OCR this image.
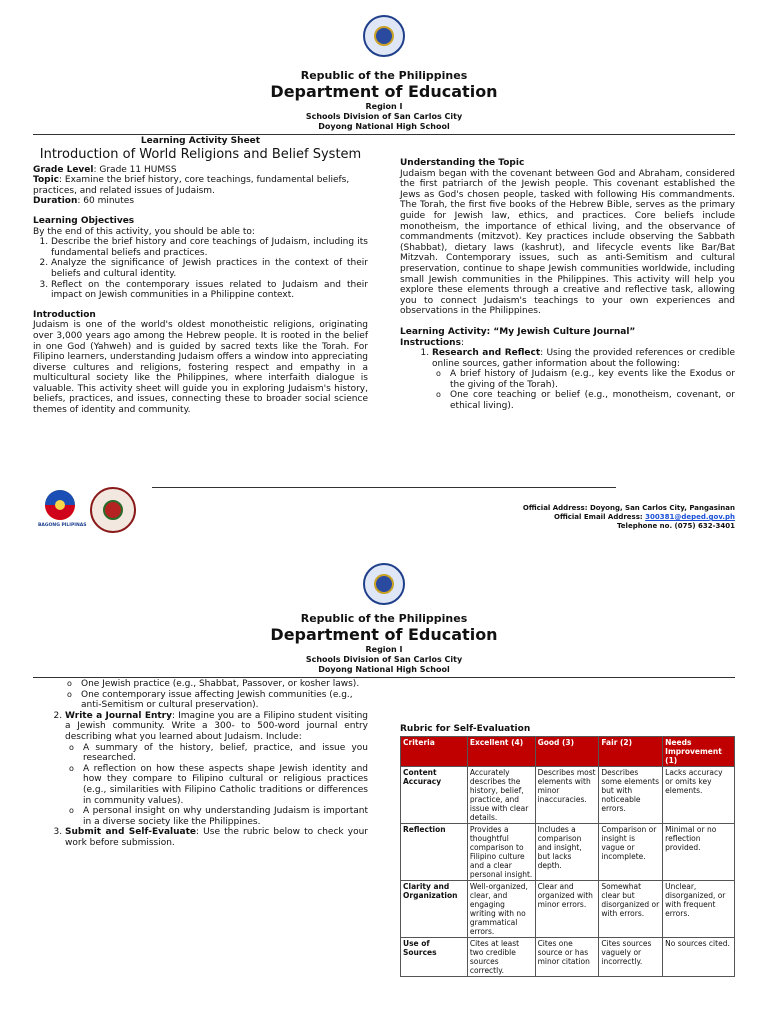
Republic of the Philippines
Department of Education
Region I
Schools Division of San Carlos City
Doyong National High School
Learning Activity Sheet
Introduction of World Religions and Belief System

Grade Level: Grade 11 HUMSS

Topic: Examine the brief history, core teachings, fundamental beliefs, practices, and related issues of Judaism.

Duration: 60 minutes

Learning Objectives

By the end of this activity, you should be able to:

1. Describe the brief history and core teachings of Judaism, including its fundamental beliefs and practices.
2. Analyze the significance of Jewish practices in the context of their beliefs and cultural identity.
3. Reflect on the contemporary issues related to Judaism and their impact on Jewish communities in a Philippine context.
Introduction

Judaism is one of the world's oldest monotheistic religions, originating over 3,000 years ago among the Hebrew people. It is rooted in the belief in one God (Yahweh) and is guided by sacred texts like the Torah. For Filipino learners, understanding Judaism offers a window into appreciating diverse cultures and religions, fostering respect and empathy in a multicultural society like the Philippines, where interfaith dialogue is valuable. This activity sheet will guide you in exploring Judaism's history, beliefs, practices, and issues, connecting these to broader social science themes of identity and community.

Understanding the Topic

Judaism began with the covenant between God and Abraham, considered the first patriarch of the Jewish people. This covenant established the Jews as God's chosen people, tasked with following His commandments. The Torah, the first five books of the Hebrew Bible, serves as the primary guide for Jewish law, ethics, and practices. Core beliefs include monotheism, the importance of ethical living, and the observance of commandments (mitzvot). Key practices include observing the Sabbath (Shabbat), dietary laws (kashrut), and lifecycle events like Bar/Bat Mitzvah. Contemporary issues, such as anti-Semitism and cultural preservation, continue to shape Jewish communities worldwide, including small Jewish communities in the Philippines. This activity will help you explore these elements through a creative and reflective task, allowing you to connect Judaism's teachings to your own experiences and observations in the Philippines.

Learning Activity: “My Jewish Culture Journal”
Instructions:
1. Research and Reflect: Using the provided references or credible online sources, gather information about the following:
o A brief history of Judaism (e.g., key events like the Exodus or the giving of the Torah).
o One core teaching or belief (e.g., monotheism, covenant, or ethical living).
BAGONG PILIPINAS
Official Address: Doyong, San Carlos City, Pangasinan
Official Email Address: 300381@deped.gov.ph
Telephone no. (075) 632-3401
Republic of the Philippines
Department of Education
Region I
Schools Division of San Carlos City
Doyong National High School
o One Jewish practice (e.g., Shabbat, Passover, or kosher laws).
o One contemporary issue affecting Jewish communities (e.g., anti-Semitism or cultural preservation).
2. Write a Journal Entry: Imagine you are a Filipino student visiting a Jewish community. Write a 300- to 500-word journal entry describing what you learned about Judaism. Include:
o A summary of the history, belief, practice, and issue you researched.
o A reflection on how these aspects shape Jewish identity and how they compare to Filipino cultural or religious practices (e.g., similarities with Filipino Catholic traditions or differences in community values).
o A personal insight on why understanding Judaism is important in a diverse society like the Philippines.
3. Submit and Self-Evaluate: Use the rubric below to check your work before submission.
Rubric for Self-Evaluation
Criteria	Excellent (4)	Good (3)	Fair (2)	Needs Improvement (1)
Content Accuracy	Accurately describes the history, belief, practice, and issue with clear details.	Describes most elements with minor inaccuracies.	Describes some elements but with noticeable errors.	Lacks accuracy or omits key elements.
Reflection	Provides a thoughtful comparison to Filipino culture and a clear personal insight.	Includes a comparison and insight, but lacks depth.	Comparison or insight is vague or incomplete.	Minimal or no reflection provided.
Clarity and Organization	Well-organized, clear, and engaging writing with no grammatical errors.	Clear and organized with minor errors.	Somewhat clear but disorganized or with errors.	Unclear, disorganized, or with frequent errors.
Use of Sources	Cites at least two credible sources correctly.	Cites one source or has minor citation	Cites sources vaguely or incorrectly.	No sources cited.
